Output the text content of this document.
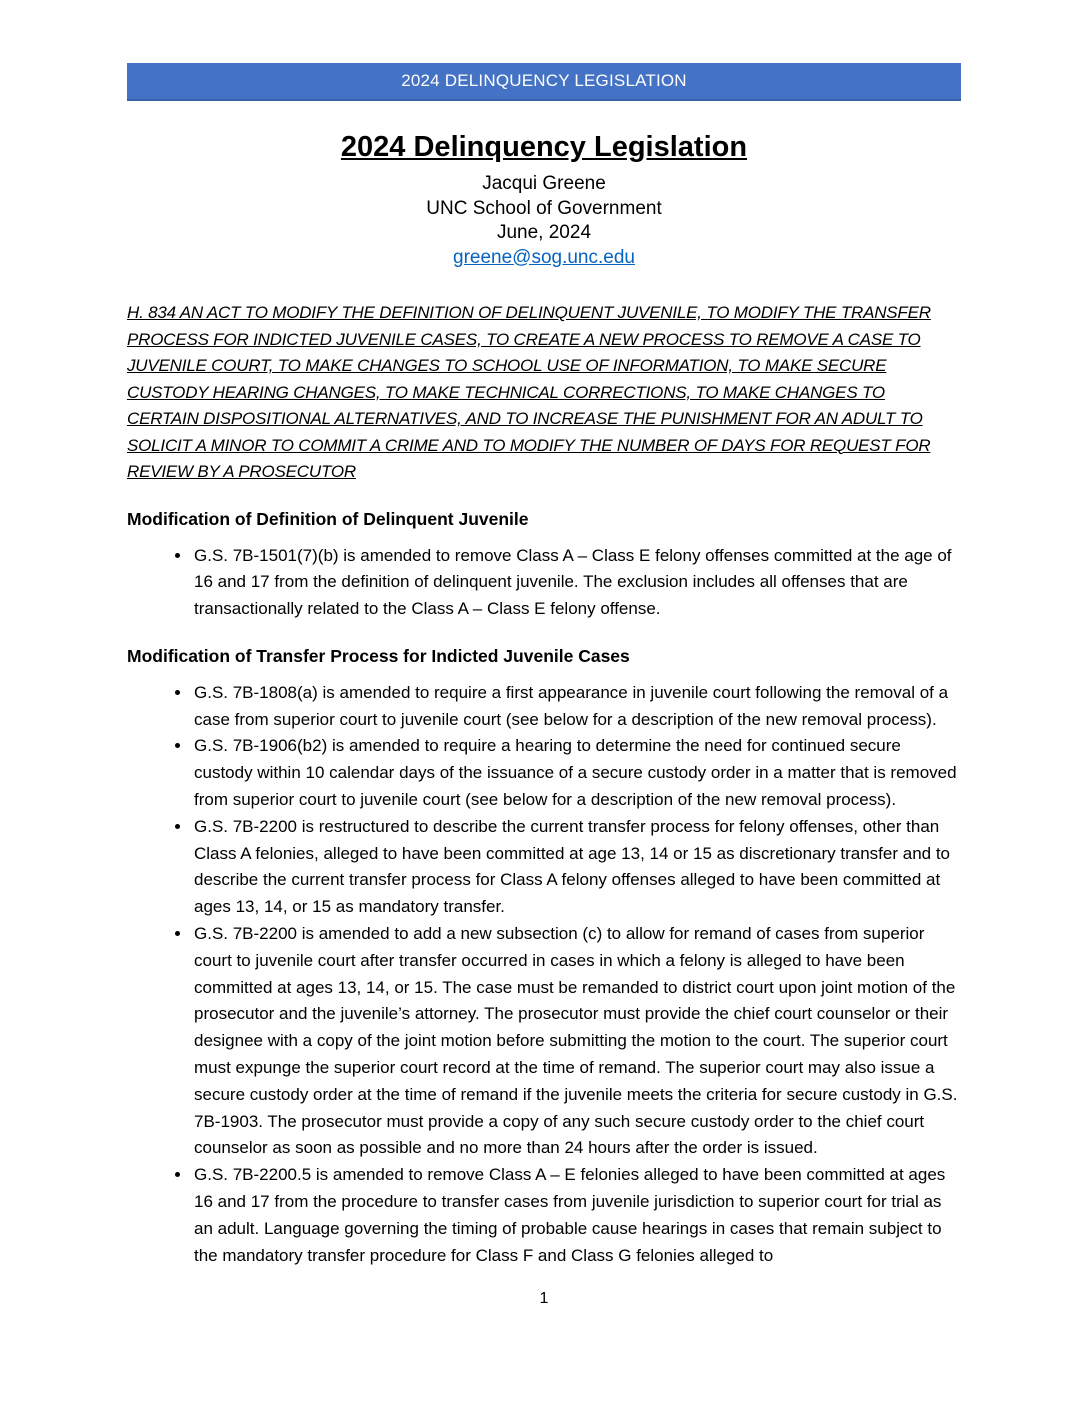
2024 DELINQUENCY LEGISLATION
2024 Delinquency Legislation
Jacqui Greene
UNC School of Government
June, 2024
greene@sog.unc.edu

H. 834 AN ACT TO MODIFY THE DEFINITION OF DELINQUENT JUVENILE, TO MODIFY THE TRANSFER PROCESS FOR INDICTED JUVENILE CASES, TO CREATE A NEW PROCESS TO REMOVE A CASE TO JUVENILE COURT, TO MAKE CHANGES TO SCHOOL USE OF INFORMATION, TO MAKE SECURE CUSTODY HEARING CHANGES, TO MAKE TECHNICAL CORRECTIONS, TO MAKE CHANGES TO CERTAIN DISPOSITIONAL ALTERNATIVES, AND TO INCREASE THE PUNISHMENT FOR AN ADULT TO SOLICIT A MINOR TO COMMIT A CRIME AND TO MODIFY THE NUMBER OF DAYS FOR REQUEST FOR REVIEW BY A PROSECUTOR

Modification of Definition of Delinquent Juvenile
• G.S. 7B-1501(7)(b) is amended to remove Class A – Class E felony offenses committed at the age of 16 and 17 from the definition of delinquent juvenile. The exclusion includes all offenses that are transactionally related to the Class A – Class E felony offense.
Modification of Transfer Process for Indicted Juvenile Cases
• G.S. 7B-1808(a) is amended to require a first appearance in juvenile court following the removal of a case from superior court to juvenile court (see below for a description of the new removal process).
• G.S. 7B-1906(b2) is amended to require a hearing to determine the need for continued secure custody within 10 calendar days of the issuance of a secure custody order in a matter that is removed from superior court to juvenile court (see below for a description of the new removal process).
• G.S. 7B-2200 is restructured to describe the current transfer process for felony offenses, other than Class A felonies, alleged to have been committed at age 13, 14 or 15 as discretionary transfer and to describe the current transfer process for Class A felony offenses alleged to have been committed at ages 13, 14, or 15 as mandatory transfer.
• G.S. 7B-2200 is amended to add a new subsection (c) to allow for remand of cases from superior court to juvenile court after transfer occurred in cases in which a felony is alleged to have been committed at ages 13, 14, or 15. The case must be remanded to district court upon joint motion of the prosecutor and the juvenile’s attorney. The prosecutor must provide the chief court counselor or their designee with a copy of the joint motion before submitting the motion to the court. The superior court must expunge the superior court record at the time of remand. The superior court may also issue a secure custody order at the time of remand if the juvenile meets the criteria for secure custody in G.S. 7B-1903. The prosecutor must provide a copy of any such secure custody order to the chief court counselor as soon as possible and no more than 24 hours after the order is issued.
• G.S. 7B-2200.5 is amended to remove Class A – E felonies alleged to have been committed at ages 16 and 17 from the procedure to transfer cases from juvenile jurisdiction to superior court for trial as an adult. Language governing the timing of probable cause hearings in cases that remain subject to the mandatory transfer procedure for Class F and Class G felonies alleged to
1
